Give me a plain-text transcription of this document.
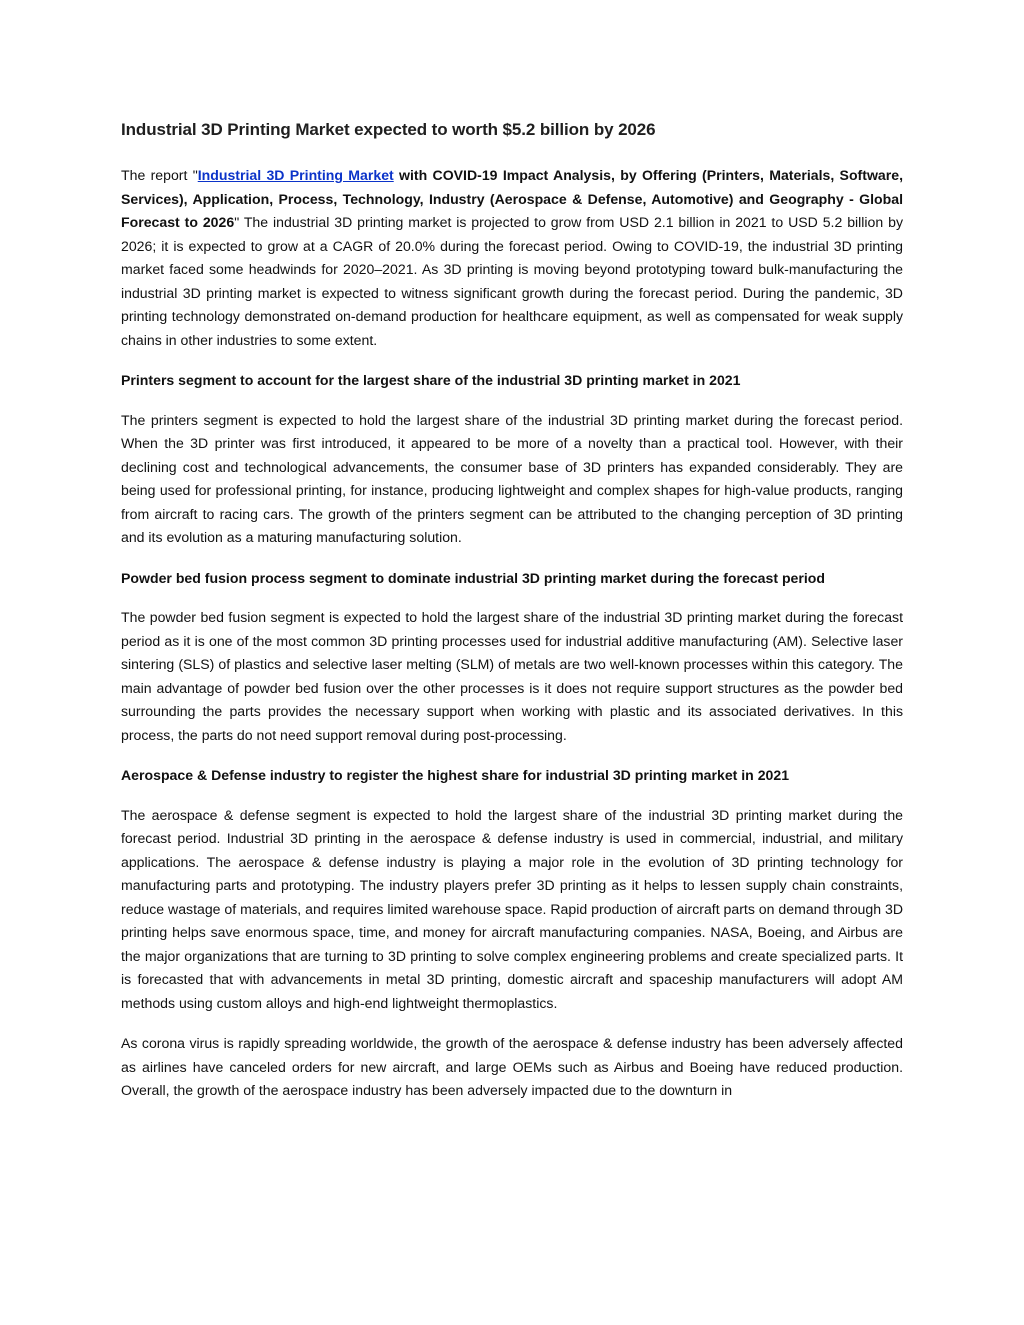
Industrial 3D Printing Market expected to worth $5.2 billion by 2026

The report "Industrial 3D Printing Market with COVID-19 Impact Analysis, by Offering (Printers, Materials, Software, Services), Application, Process, Technology, Industry (Aerospace & Defense, Automotive) and Geography - Global Forecast to 2026" The industrial 3D printing market is projected to grow from USD 2.1 billion in 2021 to USD 5.2 billion by 2026; it is expected to grow at a CAGR of 20.0% during the forecast period. Owing to COVID-19, the industrial 3D printing market faced some headwinds for 2020–2021. As 3D printing is moving beyond prototyping toward bulk-manufacturing the industrial 3D printing market is expected to witness significant growth during the forecast period. During the pandemic, 3D printing technology demonstrated on-demand production for healthcare equipment, as well as compensated for weak supply chains in other industries to some extent.

Printers segment to account for the largest share of the industrial 3D printing market in 2021

The printers segment is expected to hold the largest share of the industrial 3D printing market during the forecast period. When the 3D printer was first introduced, it appeared to be more of a novelty than a practical tool. However, with their declining cost and technological advancements, the consumer base of 3D printers has expanded considerably. They are being used for professional printing, for instance, producing lightweight and complex shapes for high-value products, ranging from aircraft to racing cars. The growth of the printers segment can be attributed to the changing perception of 3D printing and its evolution as a maturing manufacturing solution.

Powder bed fusion process segment to dominate industrial 3D printing market during the forecast period

The powder bed fusion segment is expected to hold the largest share of the industrial 3D printing market during the forecast period as it is one of the most common 3D printing processes used for industrial additive manufacturing (AM). Selective laser sintering (SLS) of plastics and selective laser melting (SLM) of metals are two well-known processes within this category. The main advantage of powder bed fusion over the other processes is it does not require support structures as the powder bed surrounding the parts provides the necessary support when working with plastic and its associated derivatives. In this process, the parts do not need support removal during post-processing.

Aerospace & Defense industry to register the highest share for industrial 3D printing market in 2021

The aerospace & defense segment is expected to hold the largest share of the industrial 3D printing market during the forecast period. Industrial 3D printing in the aerospace & defense industry is used in commercial, industrial, and military applications. The aerospace & defense industry is playing a major role in the evolution of 3D printing technology for manufacturing parts and prototyping. The industry players prefer 3D printing as it helps to lessen supply chain constraints, reduce wastage of materials, and requires limited warehouse space. Rapid production of aircraft parts on demand through 3D printing helps save enormous space, time, and money for aircraft manufacturing companies. NASA, Boeing, and Airbus are the major organizations that are turning to 3D printing to solve complex engineering problems and create specialized parts. It is forecasted that with advancements in metal 3D printing, domestic aircraft and spaceship manufacturers will adopt AM methods using custom alloys and high-end lightweight thermoplastics.

As corona virus is rapidly spreading worldwide, the growth of the aerospace & defense industry has been adversely affected as airlines have canceled orders for new aircraft, and large OEMs such as Airbus and Boeing have reduced production. Overall, the growth of the aerospace industry has been adversely impacted due to the downturn in
